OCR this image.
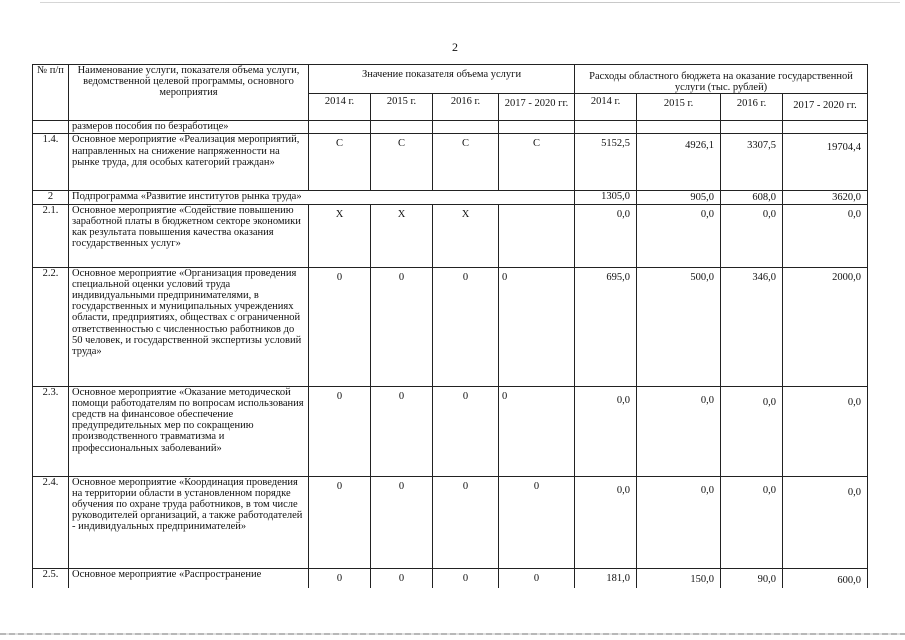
2
№ п/п	Наименование услуги, показателя объема услуги, ведомственной целевой программы, основного мероприятия	Значение показателя объема услуги				Расходы областного бюджета на оказание государственной услуги (тыс. рублей)			
		2014 г.	2015 г.	2016 г.	2017 - 2020 гг.	2014 г.	2015 г.	2016 г.	2017 - 2020 гг.
	размеров пособия по безработице»								
1.4.	Основное мероприятие «Реализация мероприятий, направленных на снижение напряженности на рынке труда, для особых категорий граждан»	С	С	С	С	5152,5	4926,1	3307,5	19704,4
2	Подпрограмма «Развитие институтов рынка труда»					1305,0	905,0	608,0	3620,0
2.1.	Основное мероприятие «Содействие повышению заработной платы в бюджетном секторе экономики как результата повышения качества оказания государственных услуг»	Х	Х	Х		0,0	0,0	0,0	0,0
2.2.	Основное мероприятие «Организация проведения специальной оценки условий труда индивидуальными предпринимателями, в государственных и муниципальных учреждениях области, предприятиях, обществах с ограниченной ответственностью с численностью работников до 50 человек, и государственной экспертизы условий труда»	0	0	0	0	695,0	500,0	346,0	2000,0
2.3.	Основное мероприятие «Оказание методической помощи работодателям по вопросам использования средств на финансовое обеспечение предупредительных мер по сокращению производственного травматизма и профессиональных заболеваний»	0	0	0	0	0,0	0,0	0,0	0,0
2.4.	Основное мероприятие «Координация проведения на территории области в установленном порядке обучения по охране труда работников, в том числе руководителей организаций, а также работодателей - индивидуальных предпринимателей»	0	0	0	0	0,0	0,0	0,0	0,0
2.5.	Основное мероприятие «Распространение	0	0	0	0	181,0	150,0	90,0	600,0
